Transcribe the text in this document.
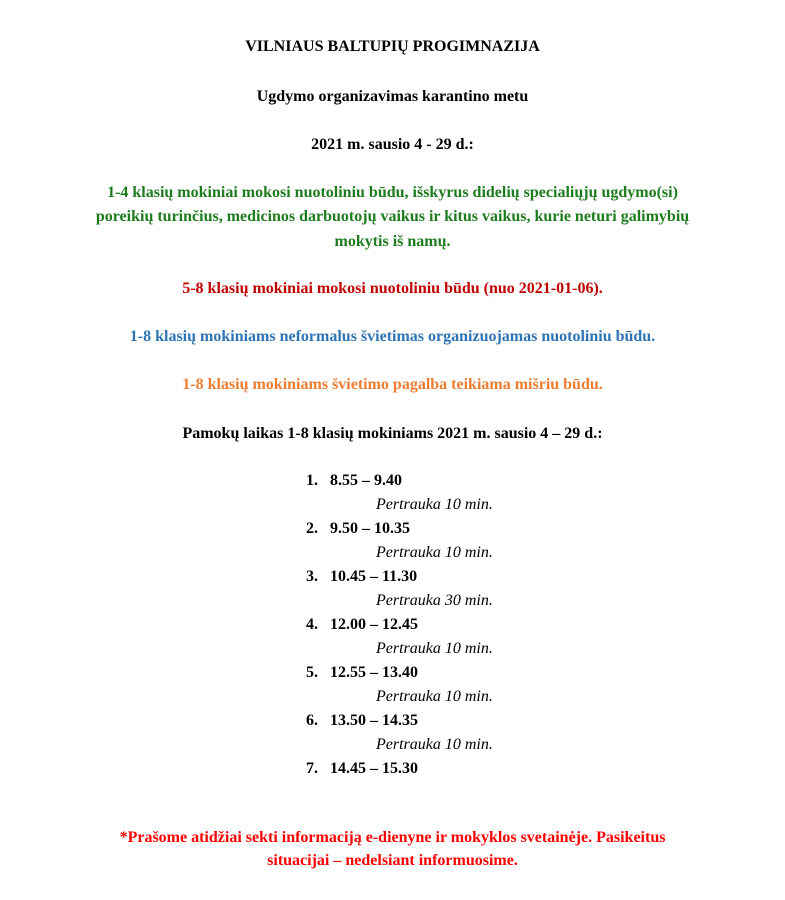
VILNIAUS BALTUPIŲ PROGIMNAZIJA
Ugdymo organizavimas karantino metu
2021 m. sausio 4 - 29 d.:
1-4 klasių mokiniai mokosi nuotoliniu būdu, išskyrus didelių specialiųjų ugdymo(si)
poreikių turinčius, medicinos darbuotojų vaikus ir kitus vaikus, kurie neturi galimybių
mokytis iš namų.
5-8 klasių mokiniai mokosi nuotoliniu būdu (nuo 2021-01-06).
1-8 klasių mokiniams neformalus švietimas organizuojamas nuotoliniu būdu.
1-8 klasių mokiniams švietimo pagalba teikiama mišriu būdu.
Pamokų laikas 1-8 klasių mokiniams 2021 m. sausio 4 – 29 d.:
1. 8.55 – 9.40
Pertrauka 10 min.
2. 9.50 – 10.35
Pertrauka 10 min.
3. 10.45 – 11.30
Pertrauka 30 min.
4. 12.00 – 12.45
Pertrauka 10 min.
5. 12.55 – 13.40
Pertrauka 10 min.
6. 13.50 – 14.35
Pertrauka 10 min.
7. 14.45 – 15.30
*Prašome atidžiai sekti informaciją e-dienyne ir mokyklos svetainėje. Pasikeitus
situacijai – nedelsiant informuosime.
